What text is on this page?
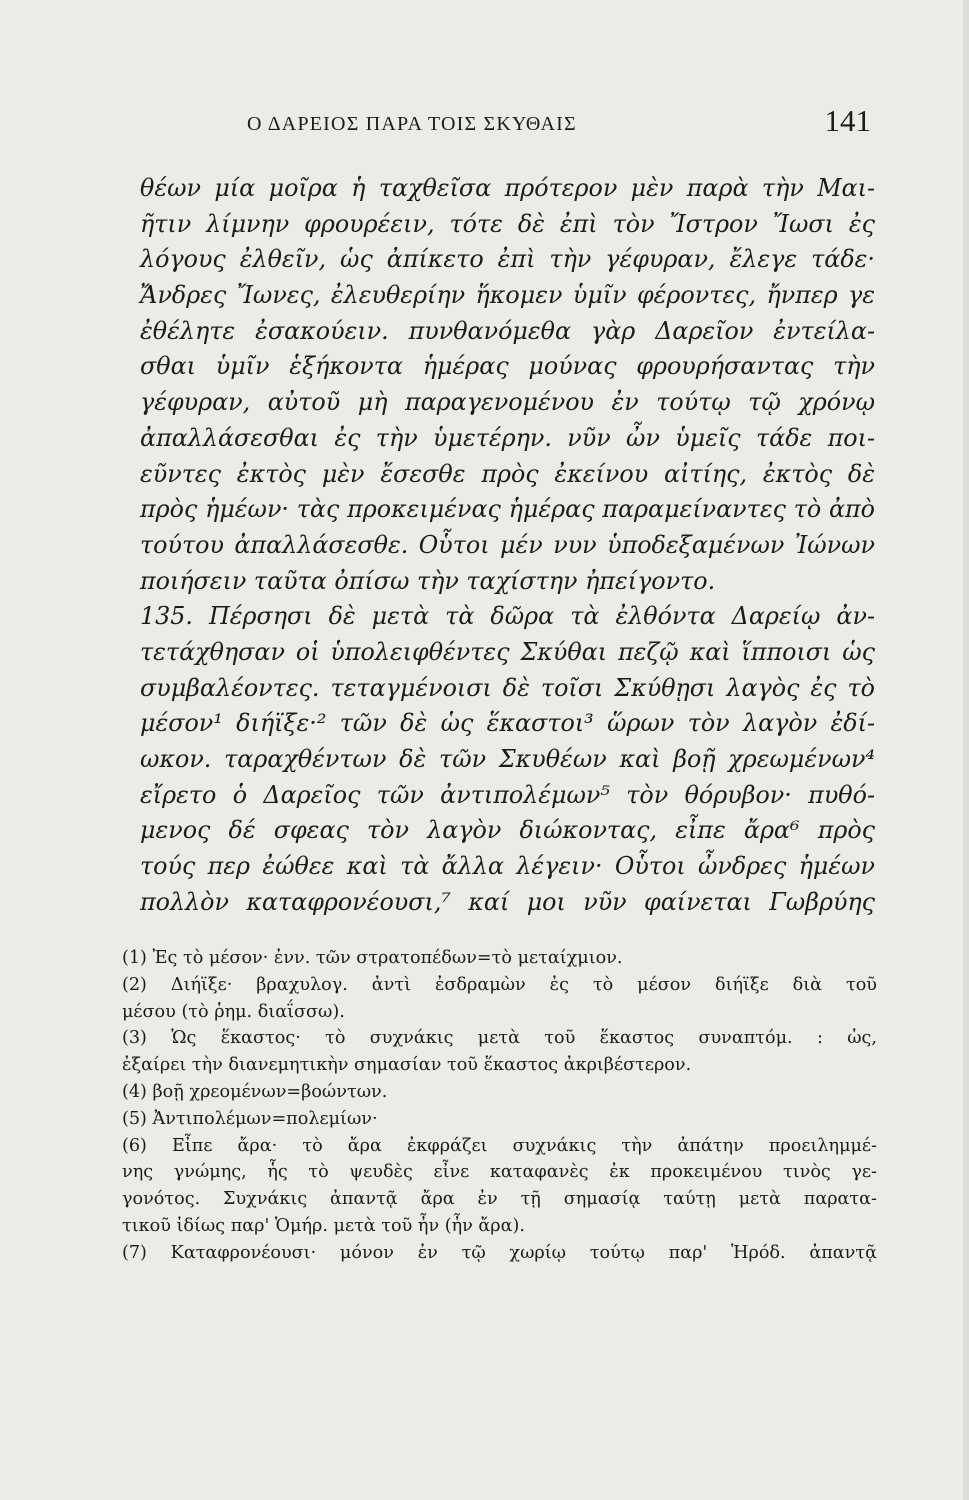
Ο ΔΑΡΕΙΟΣ ΠΑΡΑ ΤΟΙΣ ΣΚΥΘΑΙΣ	141
θέων μία μοῖρα ἡ ταχθεῖσα πρότερον μὲν παρὰ τὴν Μαι-
ῆτιν λίμνην φρουρέειν, τότε δὲ ἐπὶ τὸν Ἴστρον Ἴωσι ἐς
λόγους ἐλθεῖν, ὡς ἀπίκετο ἐπὶ τὴν γέφυραν, ἔλεγε τάδε·
Ἄνδρες Ἴωνες, ἐλευθερίην ἥκομεν ὑμῖν φέροντες, ἤνπερ γε
ἐθέλητε ἐσακούειν. πυνθανόμεθα γὰρ Δαρεῖον ἐντείλα-
σθαι ὑμῖν ἑξήκοντα ἡμέρας μούνας φρουρήσαντας τὴν
γέφυραν, αὐτοῦ μὴ παραγενομένου ἐν τούτῳ τῷ χρόνῳ
ἀπαλλάσεσθαι ἐς τὴν ὑμετέρην. νῦν ὦν ὑμεῖς τάδε ποι-
εῦντες ἐκτὸς μὲν ἔσεσθε πρὸς ἐκείνου αἰτίης, ἐκτὸς δὲ
πρὸς ἡμέων· τὰς προκειμένας ἡμέρας παραμείναντες τὸ ἀπὸ
τούτου ἀπαλλάσεσθε. Οὗτοι μέν νυν ὑποδεξαμένων Ἰώνων
ποιήσειν ταῦτα ὀπίσω τὴν ταχίστην ἠπείγοντο.
135. Πέρσησι δὲ μετὰ τὰ δῶρα τὰ ἐλθόντα Δαρείῳ ἀν-
τετάχθησαν οἱ ὑπολειφθέντες Σκύθαι πεζῷ καὶ ἵπποισι ὡς
συμβαλέοντες. τεταγμένοισι δὲ τοῖσι Σκύθῃσι λαγὸς ἐς τὸ
μέσον¹ διήϊξε·² τῶν δὲ ὡς ἕκαστοι³ ὥρων τὸν λαγὸν ἐδί-
ωκον. ταραχθέντων δὲ τῶν Σκυθέων καὶ βοῇ χρεωμένων⁴
εἴρετο ὁ Δαρεῖος τῶν ἀντιπολέμων⁵ τὸν θόρυβον· πυθό-
μενος δέ σφεας τὸν λαγὸν διώκοντας, εἶπε ἄρα⁶ πρὸς
τούς περ ἐώθεε καὶ τὰ ἄλλα λέγειν· Οὗτοι ὦνδρες ἡμέων
πολλὸν καταφρονέουσι,⁷ καί μοι νῦν φαίνεται Γωβρύης
(1) Ἐς τὸ μέσον· ἐνν. τῶν στρατοπέδων=τὸ μεταίχμιον.
(2) Διήϊξε· βραχυλογ. ἀντὶ ἐσδραμὼν ἐς τὸ μέσον διήϊξε διὰ τοῦ
μέσου (τὸ ῥημ. διαΐσσω).
(3) Ὡς ἕκαστος· τὸ συχνάκις μετὰ τοῦ ἕκαστος συναπτόμ. : ὡς,
ἐξαίρει τὴν διανεμητικὴν σημασίαν τοῦ ἕκαστος ἀκριβέστερον.
(4) βοῇ χρεομένων=βοώντων.
(5) Ἀντιπολέμων=πολεμίων·
(6) Εἶπε ἄρα· τὸ ἄρα ἐκφράζει συχνάκις τὴν ἀπάτην προειλημμέ-
νης γνώμης, ἧς τὸ ψευδὲς εἶνε καταφανὲς ἐκ προκειμένου τινὸς γε-
γονότος. Συχνάκις ἀπαντᾷ ἄρα ἐν τῇ σημασίᾳ ταύτῃ μετὰ παρατα-
τικοῦ ἰδίως παρ' Ὁμήρ. μετὰ τοῦ ἦν (ἦν ἄρα).
(7) Καταφρονέουσι· μόνον ἐν τῷ χωρίῳ τούτῳ παρ' Ἡρόδ. ἀπαντᾷ
